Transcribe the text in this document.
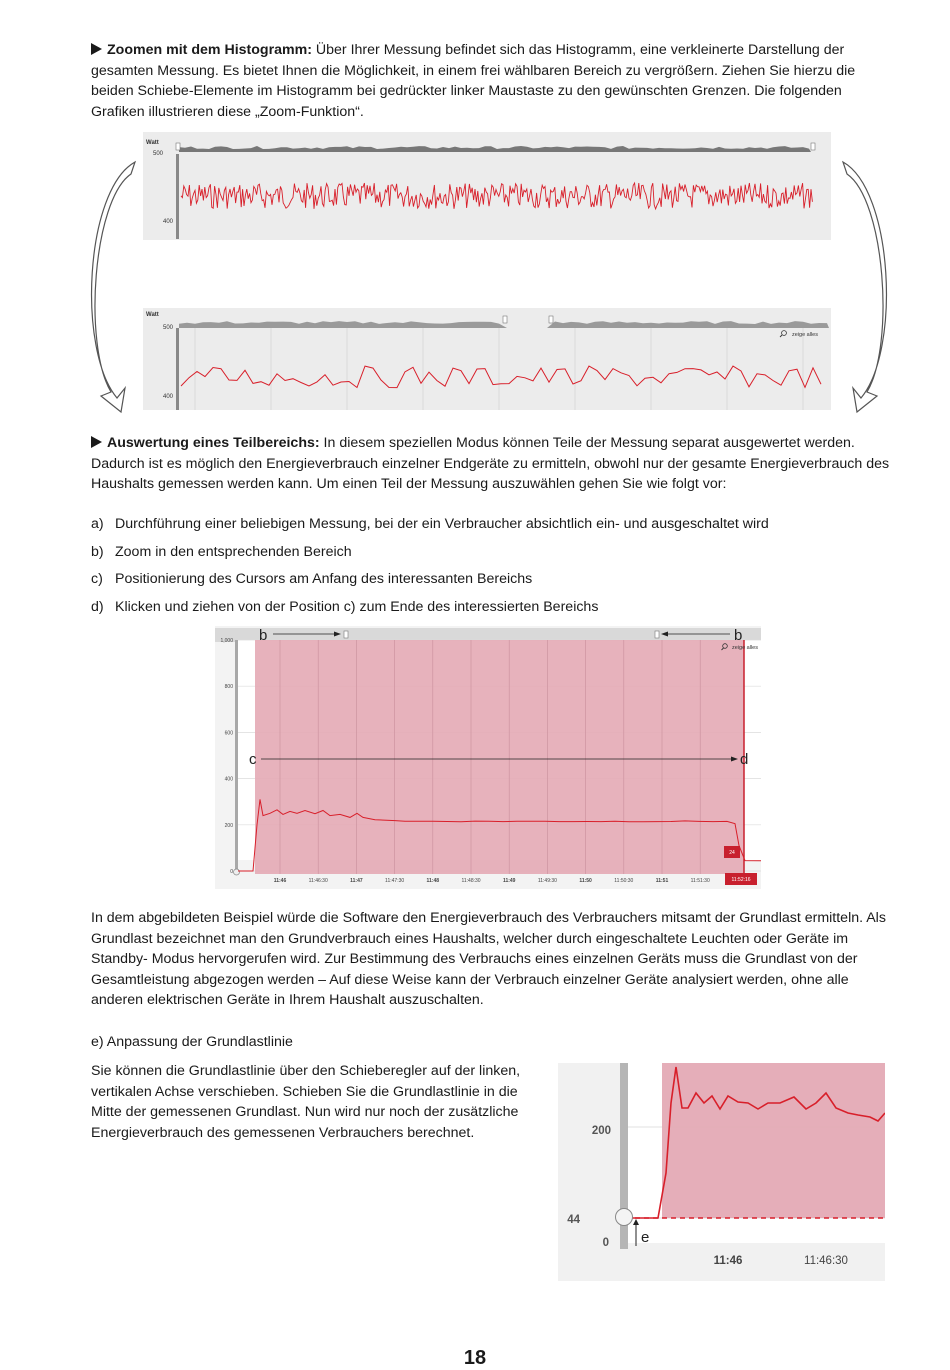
Zoomen mit dem Histogramm: Über Ihrer Messung befindet sich das Histogramm, eine verkleinerte Darstellung der gesamten Messung. Es bietet Ihnen die Möglichkeit, in einem frei wählbaren Bereich zu vergrößern. Ziehen Sie hierzu die beiden Schiebe-Elemente im Histogramm bei gedrückter linker Maustaste zu den gewünschten Grenzen. Die folgenden Grafiken illustrieren diese „Zoom-Funktion“.
Watt
500
400
Watt
500
400
zeige alles
Auswertung eines Teilbereichs: In diesem speziellen Modus können Teile der Messung separat ausgewertet werden. Dadurch ist es möglich den Energieverbrauch einzelner Endgeräte zu ermitteln, obwohl nur der gesamte Energieverbrauch des Haushalts gemessen werden kann. Um einen Teil der Messung auszuwählen gehen Sie wie folgt vor:
a) Durchführung einer beliebigen Messung, bei der ein Verbraucher absichtlich ein- und ausgeschaltet wird
b) Zoom in den entsprechenden Bereich
c) Positionierung des Cursors am Anfang des interessanten Bereichs
d) Klicken und ziehen von der Position c) zum Ende des interessierten Bereichs
1,000
800
600
400
200
0
11:46	11:46:30	11:47	11:47:30	11:48	11:48:30	11:49	11:49:30	11:50	11:50:30	11:51	11:51:30
b	b
c	d
zeige alles
24
11:52:16
In dem abgebildeten Beispiel würde die Software den Energieverbrauch des Verbrauchers mitsamt der Grundlast ermitteln. Als Grundlast bezeichnet man den Grundverbrauch eines Haushalts, welcher durch eingeschaltete Leuchten oder Geräte im Standby- Modus hervorgerufen wird. Zur Bestimmung des Verbrauchs eines einzelnen Geräts muss die Grundlast von der Gesamtleistung abgezogen werden – Auf diese Weise kann der Verbrauch einzelner Geräte analysiert werden, ohne alle anderen elektrischen Geräte in Ihrem Haushalt auszuschalten.
e) Anpassung der Grundlastlinie
Sie können die Grundlastlinie über den Schieberegler auf der linken, vertikalen Achse verschieben. Schieben Sie die Grundlastlinie in die Mitte der gemessenen Grundlast. Nun wird nur noch der zusätzliche Energieverbrauch des gemessenen Verbrauchers berechnet.
e
200
44
0
11:46	11:46:30
18
